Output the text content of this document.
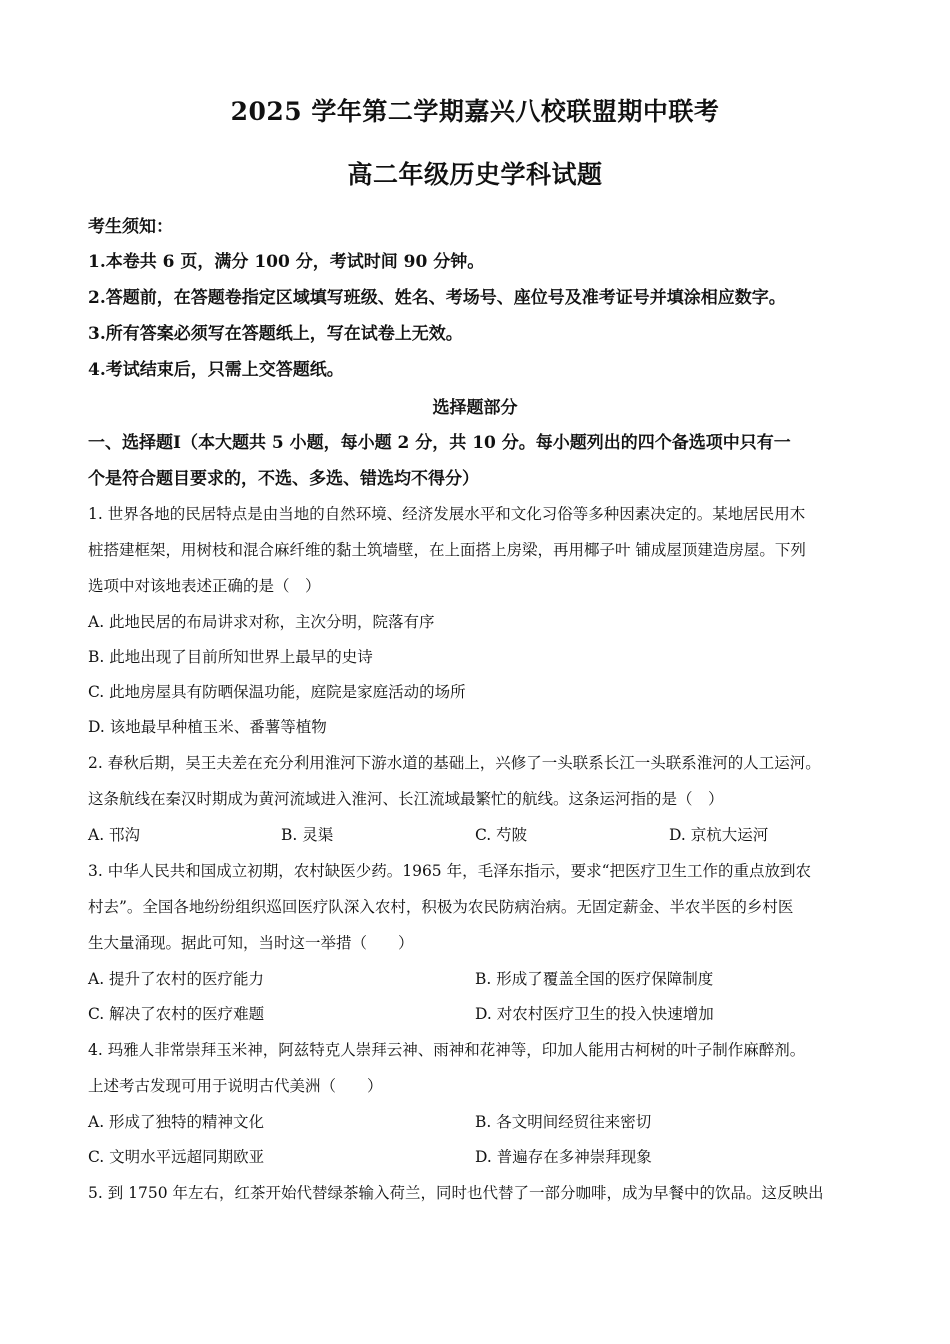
2025 学年第二学期嘉兴八校联盟期中联考
高二年级历史学科试题
考生须知：
1.本卷共 6 页，满分 100 分，考试时间 90 分钟。
2.答题前，在答题卷指定区域填写班级、姓名、考场号、座位号及准考证号并填涂相应数字。
3.所有答案必须写在答题纸上，写在试卷上无效。
4.考试结束后，只需上交答题纸。
选择题部分
一、选择题Ⅰ（本大题共 5 小题，每小题 2 分，共 10 分。每小题列出的四个备选项中只有一
个是符合题目要求的，不选、多选、错选均不得分）
1. 世界各地的民居特点是由当地的自然环境、经济发展水平和文化习俗等多种因素决定的。某地居民用木
桩搭建框架，用树枝和混合麻纤维的黏土筑墙壁，在上面搭上房梁，再用椰子叶 铺成屋顶建造房屋。下列
选项中对该地表述正确的是（　）
A. 此地民居的布局讲求对称，主次分明，院落有序
B. 此地出现了目前所知世界上最早的史诗
C. 此地房屋具有防晒保温功能，庭院是家庭活动的场所
D. 该地最早种植玉米、番薯等植物
2. 春秋后期，吴王夫差在充分利用淮河下游水道的基础上，兴修了一头联系长江一头联系淮河的人工运河。
这条航线在秦汉时期成为黄河流域进入淮河、长江流域最繁忙的航线。这条运河指的是（　）
A. 邗沟	B. 灵渠	C. 芍陂	D. 京杭大运河
3. 中华人民共和国成立初期，农村缺医少药。1965 年，毛泽东指示，要求“把医疗卫生工作的重点放到农
村去”。全国各地纷纷组织巡回医疗队深入农村，积极为农民防病治病。无固定薪金、半农半医的乡村医
生大量涌现。据此可知，当时这一举措（　　）
A. 提升了农村的医疗能力	B. 形成了覆盖全国的医疗保障制度
C. 解决了农村的医疗难题	D. 对农村医疗卫生的投入快速增加
4. 玛雅人非常崇拜玉米神，阿兹特克人崇拜云神、雨神和花神等，印加人能用古柯树的叶子制作麻醉剂。
上述考古发现可用于说明古代美洲（　　）
A. 形成了独特的精神文化	B. 各文明间经贸往来密切
C. 文明水平远超同期欧亚	D. 普遍存在多神崇拜现象
5. 到 1750 年左右，红茶开始代替绿茶输入荷兰，同时也代替了一部分咖啡，成为早餐中的饮品。这反映出
